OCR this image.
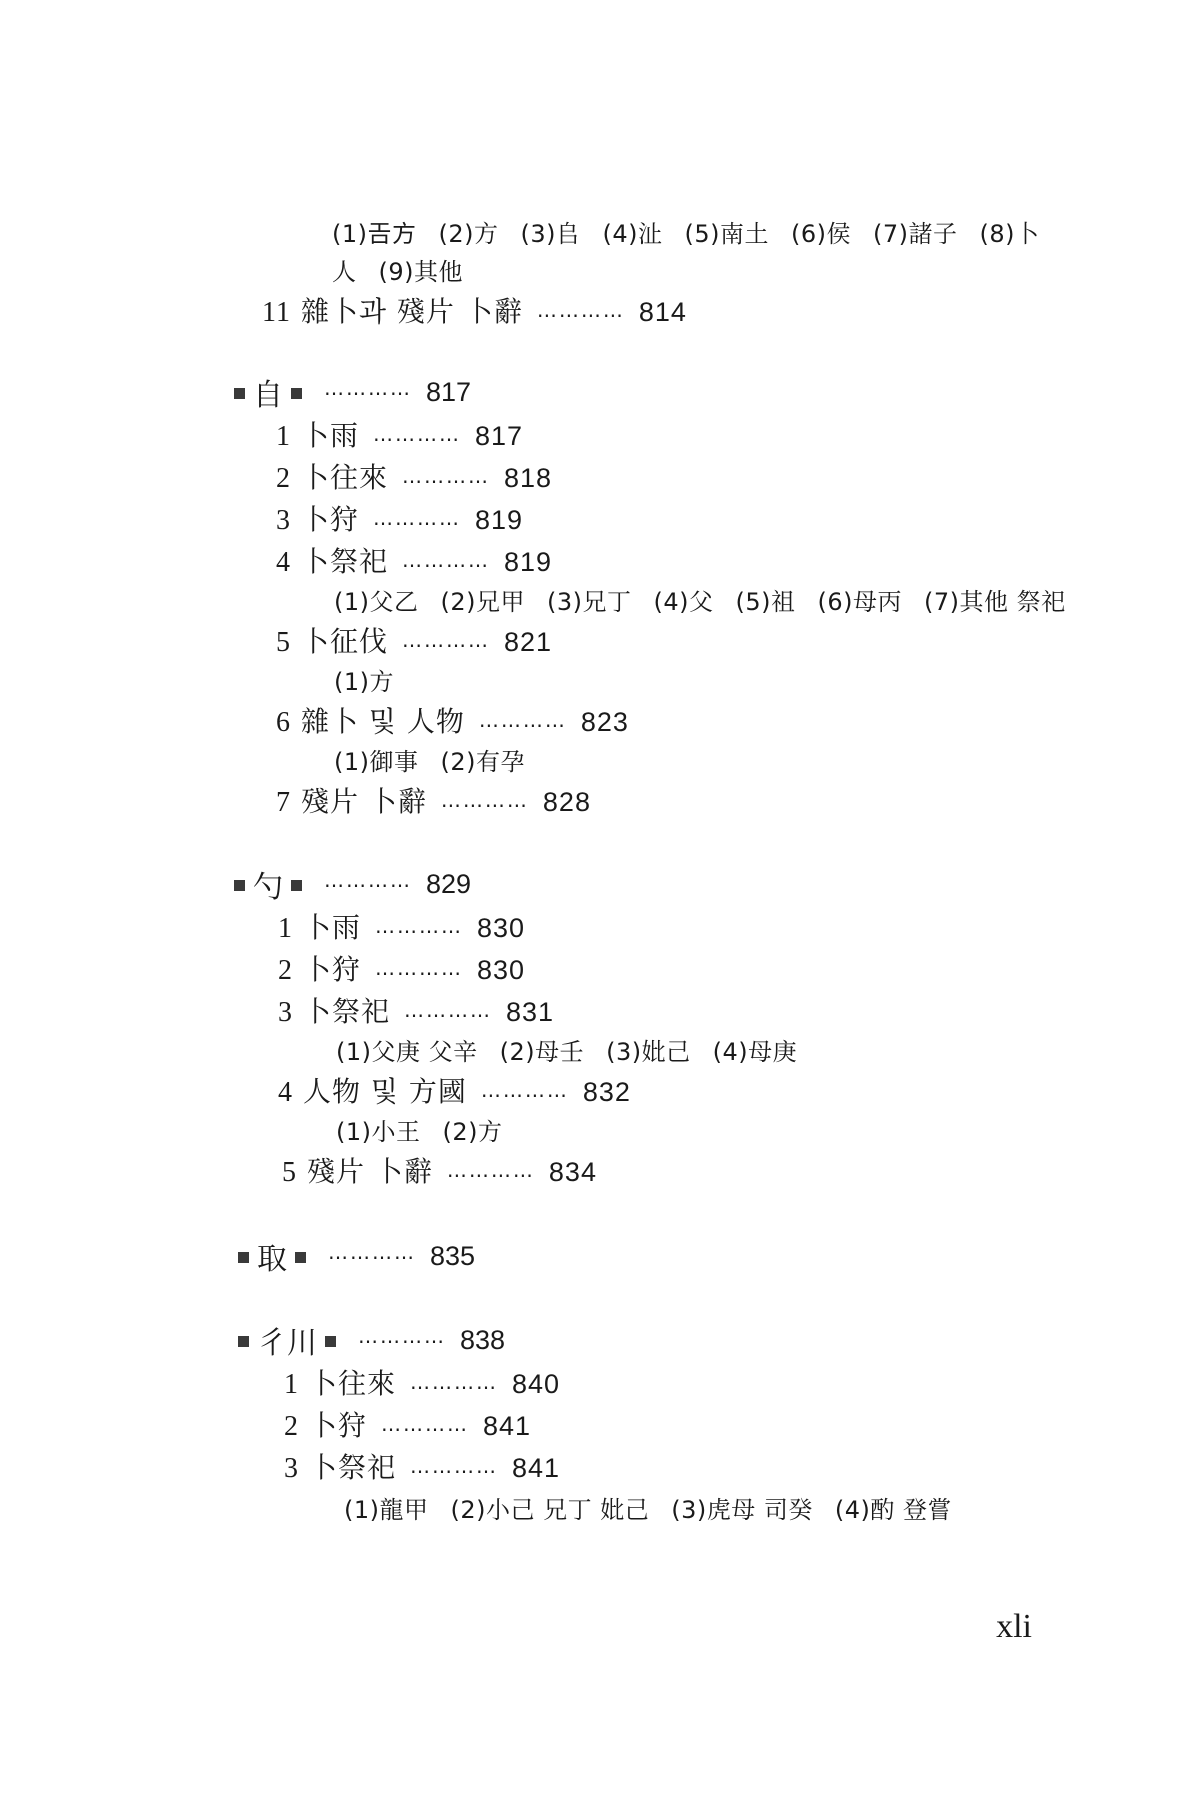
(1)𢀛方 (2)方 (3)𠂤 (4)沚 (5)南土 (6)侯 (7)諸子 (8)卜
人 (9)其他
11 雜卜과 殘片 卜辭 ………… 814
自 ………… 817
1 卜雨 ………… 817
2 卜往來 ………… 818
3 卜狩 ………… 819
4 卜祭祀 ………… 819
(1)父乙 (2)兄甲 (3)兄丁 (4)父 (5)祖 (6)母丙 (7)其他 祭祀
5 卜征伐 ………… 821
(1)方
6 雜卜 및 人物 ………… 823
(1)御事 (2)有孕
7 殘片 卜辭 ………… 828
勺 ………… 829
1 卜雨 ………… 830
2 卜狩 ………… 830
3 卜祭祀 ………… 831
(1)父庚 父辛 (2)母壬 (3)妣己 (4)母庚
4 人物 및 方國 ………… 832
(1)小王 (2)方
5 殘片 卜辭 ………… 834
取 ………… 835
彳川 ………… 838
1 卜往來 ………… 840
2 卜狩 ………… 841
3 卜祭祀 ………… 841
(1)龍甲 (2)小己 兄丁 妣己 (3)虎母 司癸 (4)酌 登嘗
xli
